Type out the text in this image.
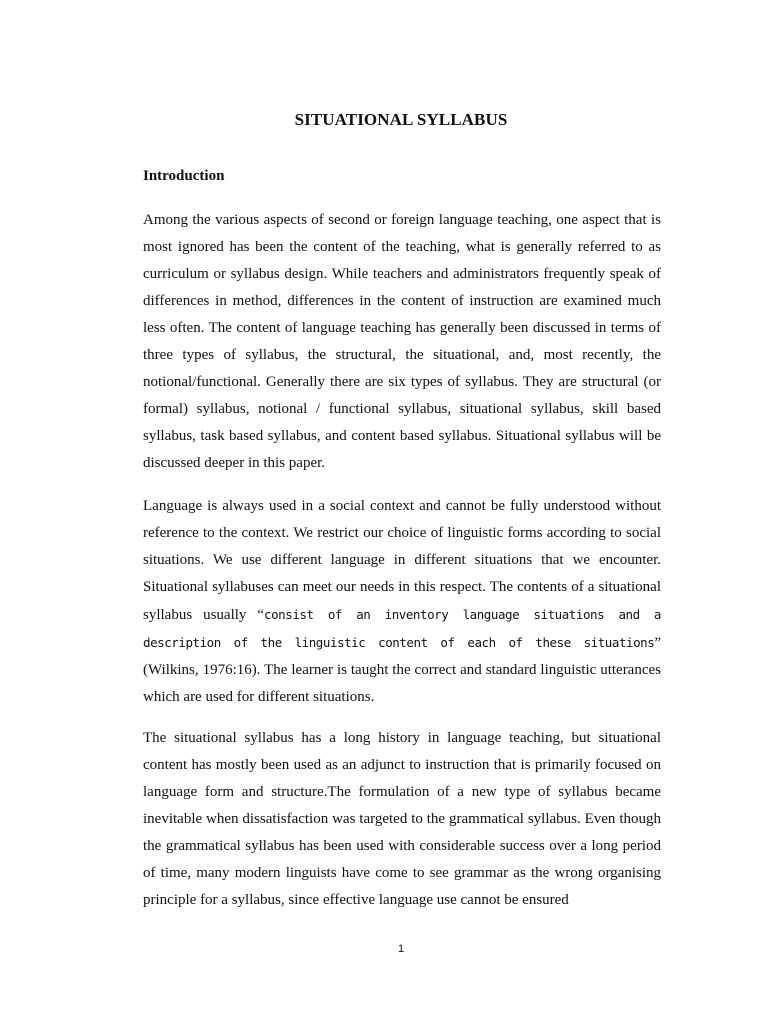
SITUATIONAL SYLLABUS
Introduction

Among the various aspects of second or foreign language teaching, one aspect that is most ignored has been the content of the teaching, what is generally referred to as curriculum or syllabus design. While teachers and administrators frequently speak of differences in method, differences in the content of instruction are examined much less often. The content of language teaching has generally been discussed in terms of three types of syllabus, the structural, the situational, and, most recently, the notional/functional. Generally there are six types of syllabus. They are structural (or formal) syllabus, notional / functional syllabus, situational syllabus, skill based syllabus, task based syllabus, and content based syllabus. Situational syllabus will be discussed deeper in this paper.

Language is always used in a social context and cannot be fully understood without reference to the context. We restrict our choice of linguistic forms according to social situations. We use different language in different situations that we encounter. Situational syllabuses can meet our needs in this respect. The contents of a situational syllabus usually “consist of an inventory language situations and a description of the linguistic content of each of these situations” (Wilkins, 1976:16). The learner is taught the correct and standard linguistic utterances which are used for different situations.

The situational syllabus has a long history in language teaching, but situational content has mostly been used as an adjunct to instruction that is primarily focused on language form and structure.The formulation of a new type of syllabus became inevitable when dissatisfaction was targeted to the grammatical syllabus. Even though the grammatical syllabus has been used with considerable success over a long period of time, many modern linguists have come to see grammar as the wrong organising principle for a syllabus, since effective language use cannot be ensured

1
